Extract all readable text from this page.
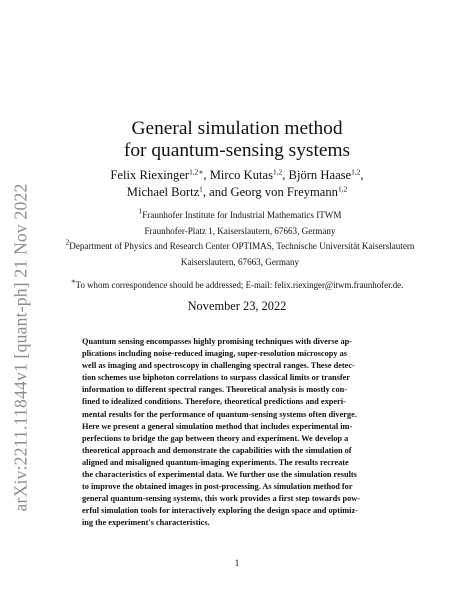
arXiv:2211.11844v1 [quant-ph] 21 Nov 2022
General simulation method
for quantum-sensing systems
Felix Riexinger$^{1,2∗}$, Mirco Kutas$^{1,2}$, Björn Haase$^{1,2}$,
Michael Bortz$^1$, and Georg von Freymann$^{1,2}$
$^1$Fraunhofer Institute for Industrial Mathematics ITWM
Fraunhofer-Platz 1, Kaiserslautern, 67663, Germany
$^2$Department of Physics and Research Center OPTIMAS, Technische Universität Kaiserslautern
Kaiserslautern, 67663, Germany
∗To whom correspondence should be addressed; E-mail: felix.riexinger@itwm.fraunhofer.de.
November 23, 2022
Quantum sensing encompasses highly promising techniques with diverse ap-
plications including noise-reduced imaging, super-resolution microscopy as
well as imaging and spectroscopy in challenging spectral ranges. These detec-
tion schemes use biphoton correlations to surpass classical limits or transfer
information to different spectral ranges. Theoretical analysis is mostly con-
fined to idealized conditions. Therefore, theoretical predictions and experi-
mental results for the performance of quantum-sensing systems often diverge.
Here we present a general simulation method that includes experimental im-
perfections to bridge the gap between theory and experiment. We develop a
theoretical approach and demonstrate the capabilities with the simulation of
aligned and misaligned quantum-imaging experiments. The results recreate
the characteristics of experimental data. We further use the simulation results
to improve the obtained images in post-processing. As simulation method for
general quantum-sensing systems, this work provides a first step towards pow-
erful simulation tools for interactively exploring the design space and optimiz-
ing the experiment's characteristics.
1
